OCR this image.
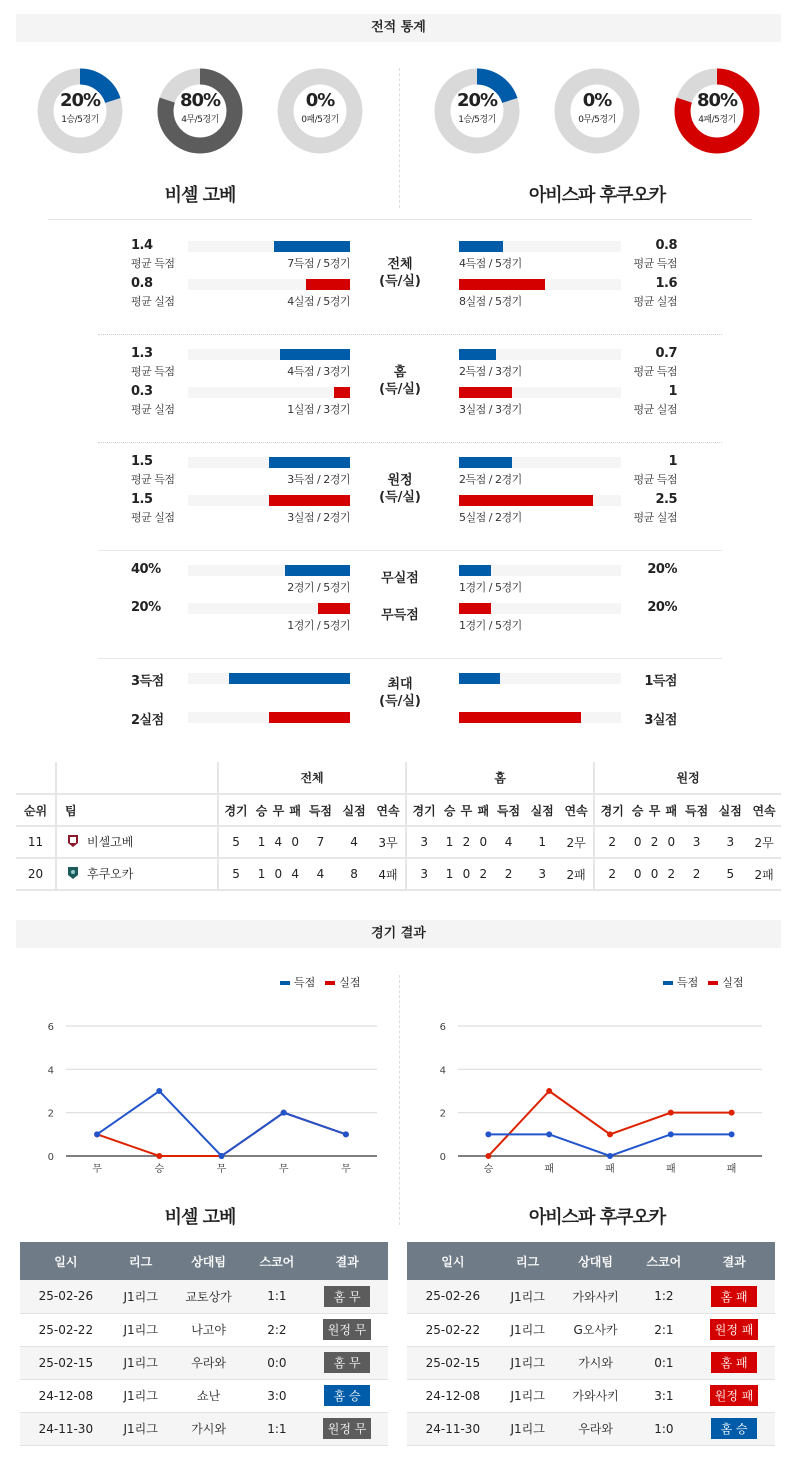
전적 통계
20%
1승/5경기
80%
4무/5경기
0%
0패/5경기
비셀 고베
20%
1승/5경기
0%
0무/5경기
80%
4패/5경기
아비스파 후쿠오카
전체
(득/실)
1.4	0.8
평균 득점	평균 득점
7득점 / 5경기	4득점 / 5경기
0.8	1.6
평균 실점	평균 실점
4실점 / 5경기	8실점 / 5경기
홈
(득/실)
1.3	0.7
평균 득점	평균 득점
4득점 / 3경기	2득점 / 3경기
0.3	1
평균 실점	평균 실점
1실점 / 3경기	3실점 / 3경기
원정
(득/실)
1.5	1
평균 득점	평균 득점
3득점 / 2경기	2득점 / 2경기
1.5	2.5
평균 실점	평균 실점
3실점 / 2경기	5실점 / 2경기
무실점
무득점
40%	20%
2경기 / 5경기	1경기 / 5경기
20%	20%
1경기 / 5경기	1경기 / 5경기
최대
(득/실)
3득점	1득점
2실점	3실점
		전체							홈							원정						
순위	팀	경기	승	무	패	득점	실점	연속	경기	승	무	패	득점	실점	연속	경기	승	무	패	득점	실점	연속
11	비셀고베	5	1	4	0	7	4	3무	3	1	2	0	4	1	2무	2	0	2	0	3	3	2무
20	후쿠오카	5	1	0	4	4	8	4패	3	1	0	2	2	3	2패	2	0	0	2	2	5	2패
경기 결과
득점 실점
0
2
4
6
무	승	무	무	무
비셀 고베
득점 실점
0
2
4
6
승	패	패	패	패
아비스파 후쿠오카
일시	리그	상대팀	스코어	결과
25-02-26	J1리그	교토상가	1:1	홈 무
25-02-22	J1리그	나고야	2:2	원정 무
25-02-15	J1리그	우라와	0:0	홈 무
24-12-08	J1리그	쇼난	3:0	홈 승
24-11-30	J1리그	가시와	1:1	원정 무
일시	리그	상대팀	스코어	결과
25-02-26	J1리그	가와사키	1:2	홈 패
25-02-22	J1리그	G오사카	2:1	원정 패
25-02-15	J1리그	가시와	0:1	홈 패
24-12-08	J1리그	가와사키	3:1	원정 패
24-11-30	J1리그	우라와	1:0	홈 승
